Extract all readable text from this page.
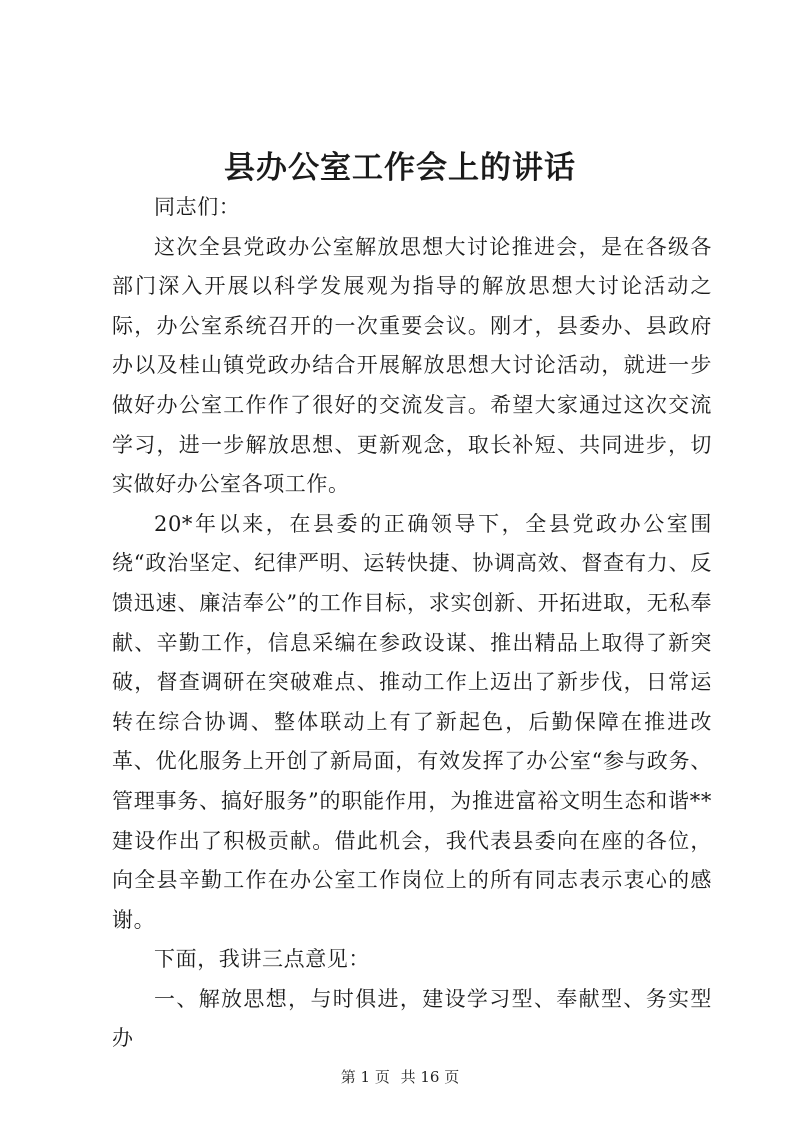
县办公室工作会上的讲话

同志们：

这次全县党政办公室解放思想大讨论推进会，是在各级各部门深入开展以科学发展观为指导的解放思想大讨论活动之际，办公室系统召开的一次重要会议。刚才，县委办、县政府办以及桂山镇党政办结合开展解放思想大讨论活动，就进一步做好办公室工作作了很好的交流发言。希望大家通过这次交流学习，进一步解放思想、更新观念，取长补短、共同进步，切实做好办公室各项工作。

20*年以来，在县委的正确领导下，全县党政办公室围绕“政治坚定、纪律严明、运转快捷、协调高效、督查有力、反馈迅速、廉洁奉公”的工作目标，求实创新、开拓进取，无私奉献、辛勤工作，信息采编在参政设谋、推出精品上取得了新突破，督查调研在突破难点、推动工作上迈出了新步伐，日常运转在综合协调、整体联动上有了新起色，后勤保障在推进改革、优化服务上开创了新局面，有效发挥了办公室“参与政务、管理事务、搞好服务”的职能作用，为推进富裕文明生态和谐**建设作出了积极贡献。借此机会，我代表县委向在座的各位，向全县辛勤工作在办公室工作岗位上的所有同志表示衷心的感谢。

下面，我讲三点意见：

一、解放思想，与时俱进，建设学习型、奉献型、务实型办

第 1 页 共 16 页
